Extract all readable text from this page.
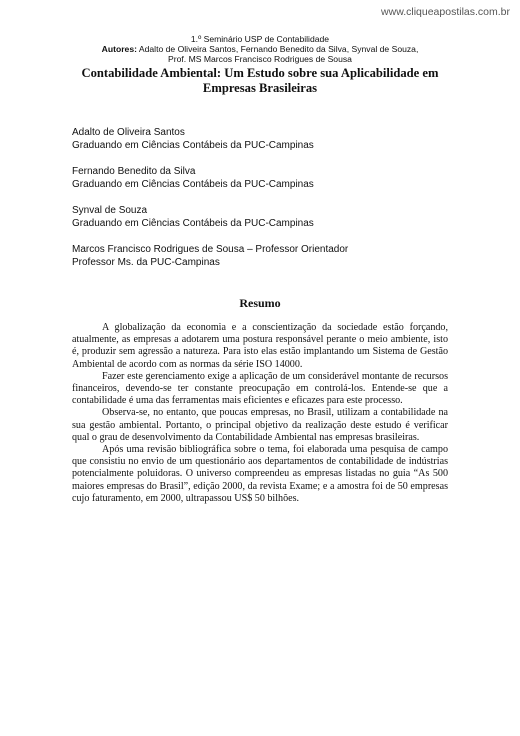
www.cliqueapostilas.com.br
1.º Seminário USP de Contabilidade
Autores: Adalto de Oliveira Santos, Fernando Benedito da Silva, Synval de Souza,
Prof. MS Marcos Francisco Rodrigues de Sousa
Contabilidade Ambiental: Um Estudo sobre sua Aplicabilidade em Empresas Brasileiras
Adalto de Oliveira Santos
Graduando em Ciências Contábeis da PUC-Campinas
Fernando Benedito da Silva
Graduando em Ciências Contábeis da PUC-Campinas
Synval de Souza
Graduando em Ciências Contábeis da PUC-Campinas
Marcos Francisco Rodrigues de Sousa – Professor Orientador
Professor Ms. da PUC-Campinas
Resumo

A globalização da economia e a conscientização da sociedade estão forçando, atualmente, as empresas a adotarem uma postura responsável perante o meio ambiente, isto é, produzir sem agressão a natureza. Para isto elas estão implantando um Sistema de Gestão Ambiental de acordo com as normas da série ISO 14000.

Fazer este gerenciamento exige a aplicação de um considerável montante de recursos financeiros, devendo-se ter constante preocupação em controlá-los. Entende-se que a contabilidade é uma das ferramentas mais eficientes e eficazes para este processo.

Observa-se, no entanto, que poucas empresas, no Brasil, utilizam a contabilidade na sua gestão ambiental. Portanto, o principal objetivo da realização deste estudo é verificar qual o grau de desenvolvimento da Contabilidade Ambiental nas empresas brasileiras.

Após uma revisão bibliográfica sobre o tema, foi elaborada uma pesquisa de campo que consistiu no envio de um questionário aos departamentos de contabilidade de indústrias potencialmente poluidoras. O universo compreendeu as empresas listadas no guia “As 500 maiores empresas do Brasil”, edição 2000, da revista Exame; e a amostra foi de 50 empresas cujo faturamento, em 2000, ultrapassou US$ 50 bilhões.
